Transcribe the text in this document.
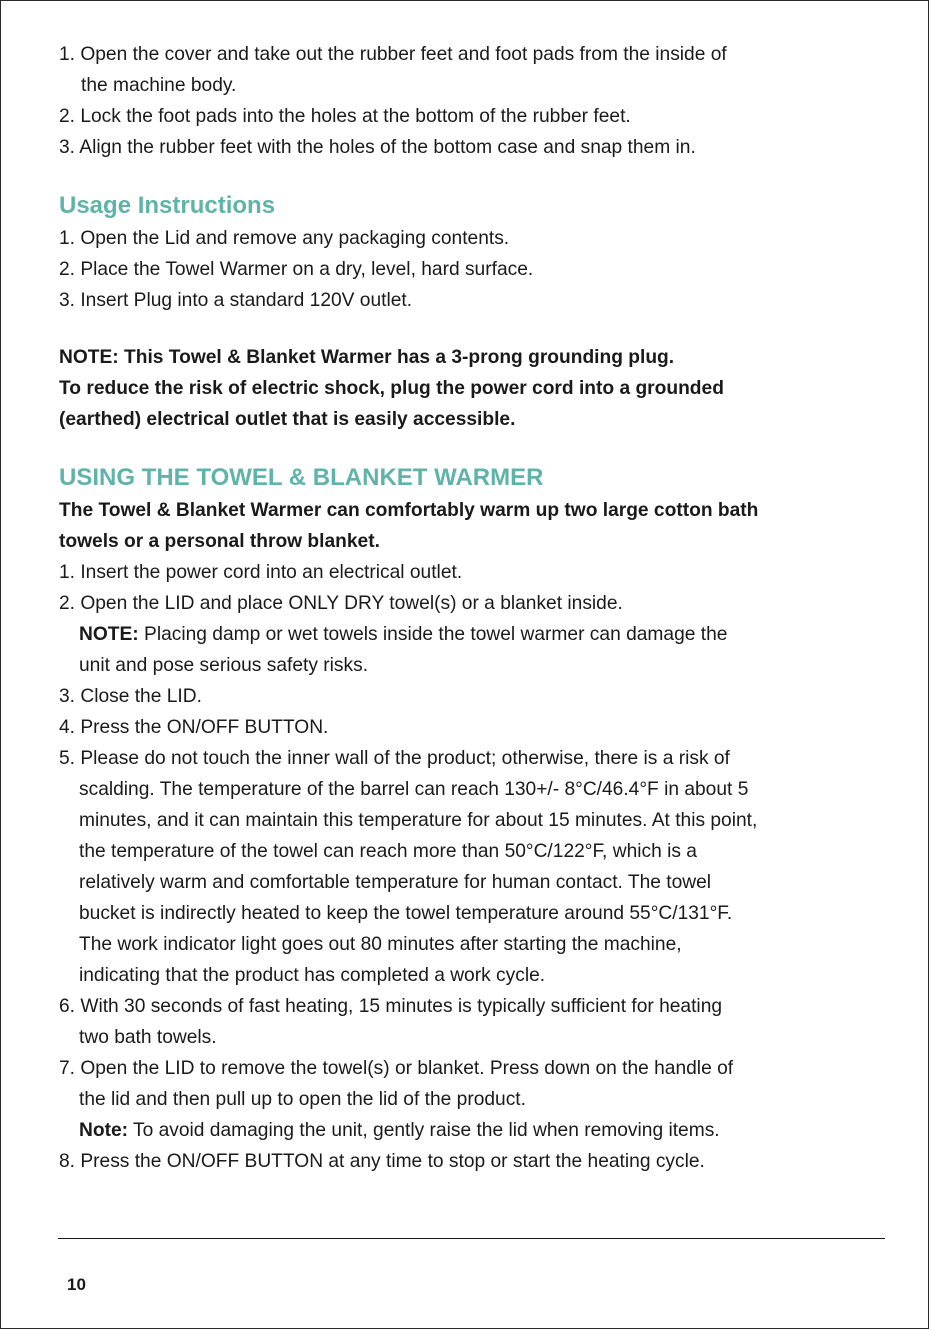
1. Open the cover and take out the rubber feet and foot pads from the inside of
the machine body.
2. Lock the foot pads into the holes at the bottom of the rubber feet.
3. Align the rubber feet with the holes of the bottom case and snap them in.
Usage Instructions
1. Open the Lid and remove any packaging contents.
2. Place the Towel Warmer on a dry, level, hard surface.
3. Insert Plug into a standard 120V outlet.
NOTE: This Towel & Blanket Warmer has a 3-prong grounding plug.
To reduce the risk of electric shock, plug the power cord into a grounded
(earthed) electrical outlet that is easily accessible.
USING THE TOWEL & BLANKET WARMER
The Towel & Blanket Warmer can comfortably warm up two large cotton bath
towels or a personal throw blanket.
1. Insert the power cord into an electrical outlet.
2. Open the LID and place ONLY DRY towel(s) or a blanket inside.
NOTE: Placing damp or wet towels inside the towel warmer can damage the
unit and pose serious safety risks.
3. Close the LID.
4. Press the ON/OFF BUTTON.
5. Please do not touch the inner wall of the product; otherwise, there is a risk of
scalding. The temperature of the barrel can reach 130+/- 8°C/46.4°F in about 5
minutes, and it can maintain this temperature for about 15 minutes. At this point,
the temperature of the towel can reach more than 50°C/122°F, which is a
relatively warm and comfortable temperature for human contact. The towel
bucket is indirectly heated to keep the towel temperature around 55°C/131°F.
The work indicator light goes out 80 minutes after starting the machine,
indicating that the product has completed a work cycle.
6. With 30 seconds of fast heating, 15 minutes is typically sufficient for heating
two bath towels.
7. Open the LID to remove the towel(s) or blanket. Press down on the handle of
the lid and then pull up to open the lid of the product.
Note: To avoid damaging the unit, gently raise the lid when removing items.
8. Press the ON/OFF BUTTON at any time to stop or start the heating cycle.
10
